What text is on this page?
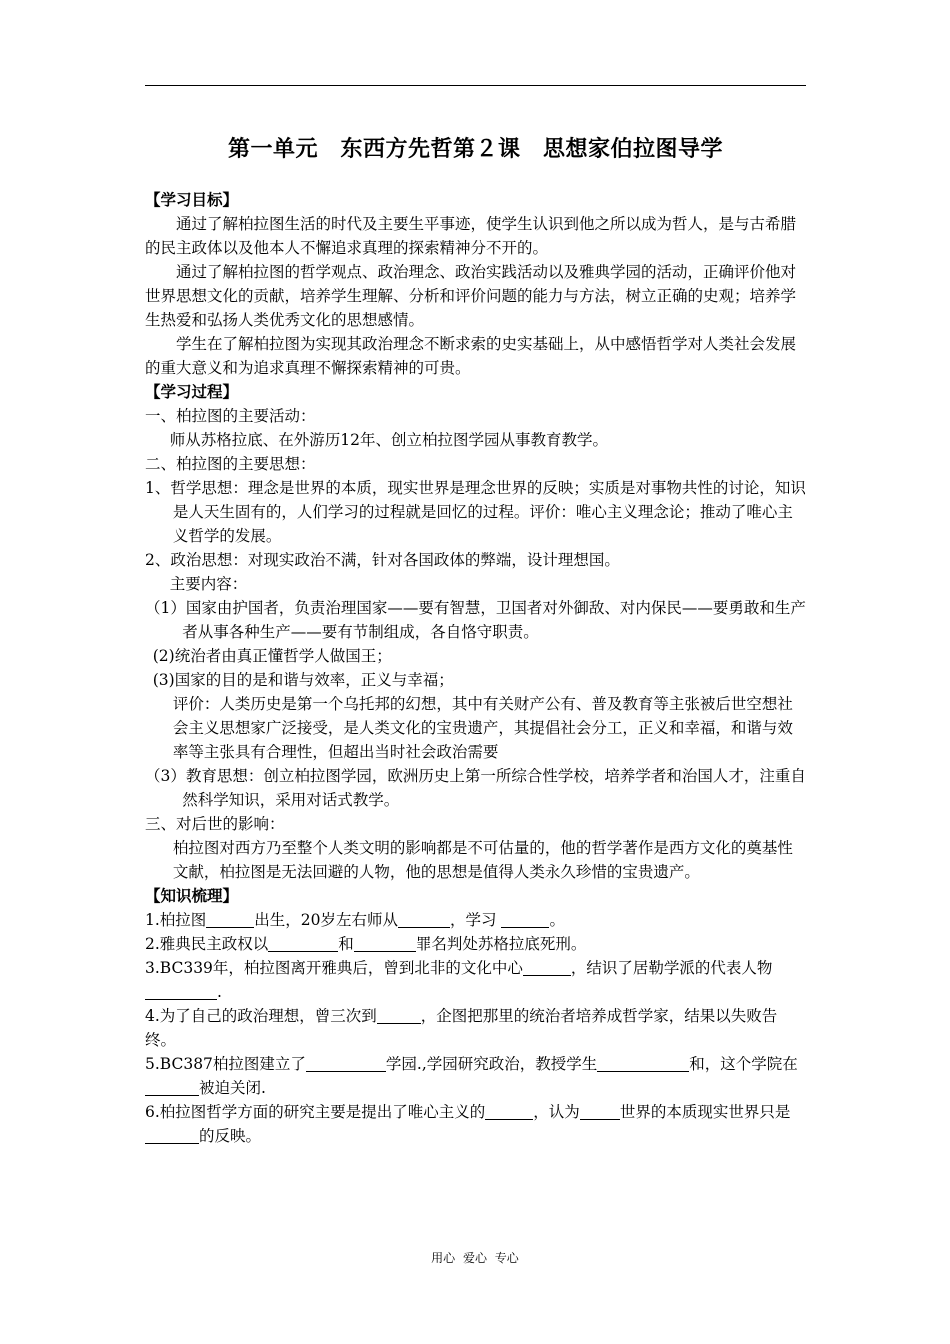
第一单元　东西方先哲第２课　思想家伯拉图导学

【学习目标】

通过了解柏拉图生活的时代及主要生平事迹，使学生认识到他之所以成为哲人，是与古希腊的民主政体以及他本人不懈追求真理的探索精神分不开的。

通过了解柏拉图的哲学观点、政治理念、政治实践活动以及雅典学园的活动，正确评价他对世界思想文化的贡献，培养学生理解、分析和评价问题的能力与方法，树立正确的史观；培养学生热爱和弘扬人类优秀文化的思想感情。

学生在了解柏拉图为实现其政治理念不断求索的史实基础上，从中感悟哲学对人类社会发展的重大意义和为追求真理不懈探索精神的可贵。

【学习过程】

一、柏拉图的主要活动：

师从苏格拉底、在外游历12年、创立柏拉图学园从事教育教学。

二、柏拉图的主要思想：

1、哲学思想：理念是世界的本质，现实世界是理念世界的反映；实质是对事物共性的讨论，知识是人天生固有的，人们学习的过程就是回忆的过程。评价：唯心主义理念论；推动了唯心主义哲学的发展。

2、政治思想：对现实政治不满，针对各国政体的弊端，设计理想国。

主要内容：

（1）国家由护国者，负责治理国家——要有智慧，卫国者对外御敌、对内保民——要勇敢和生产者从事各种生产——要有节制组成，各自恪守职责。

(2)统治者由真正懂哲学人做国王；

(3)国家的目的是和谐与效率，正义与幸福；

评价：人类历史是第一个乌托邦的幻想，其中有关财产公有、普及教育等主张被后世空想社会主义思想家广泛接受，是人类文化的宝贵遗产，其提倡社会分工，正义和幸福，和谐与效率等主张具有合理性，但超出当时社会政治需要

（3）教育思想：创立柏拉图学园，欧洲历史上第一所综合性学校，培养学者和治国人才，注重自然科学知识，采用对话式教学。

三、对后世的影响：

柏拉图对西方乃至整个人类文明的影响都是不可估量的，他的哲学著作是西方文化的奠基性文献，柏拉图是无法回避的人物，他的思想是值得人类永久珍惜的宝贵遗产。

【知识梳理】

1.柏拉图	出生，20岁左右师从	，学习	。

2.雅典民主政权以	和	罪名判处苏格拉底死刑。

3.BC339年，柏拉图离开雅典后，曾到北非的文化中心	，结识了居勒学派的代表人物.

4.为了自己的政治理想，曾三次到	，企图把那里的统治者培养成哲学家，结果以失败告终。

5.BC387柏拉图建立了	学园.,学园研究政治，教授学生	和，这个学院在被迫关闭.

6.柏拉图哲学方面的研究主要是提出了唯心主义的	，认为	世界的本质现实世界只是的反映。

用心 爱心 专心
